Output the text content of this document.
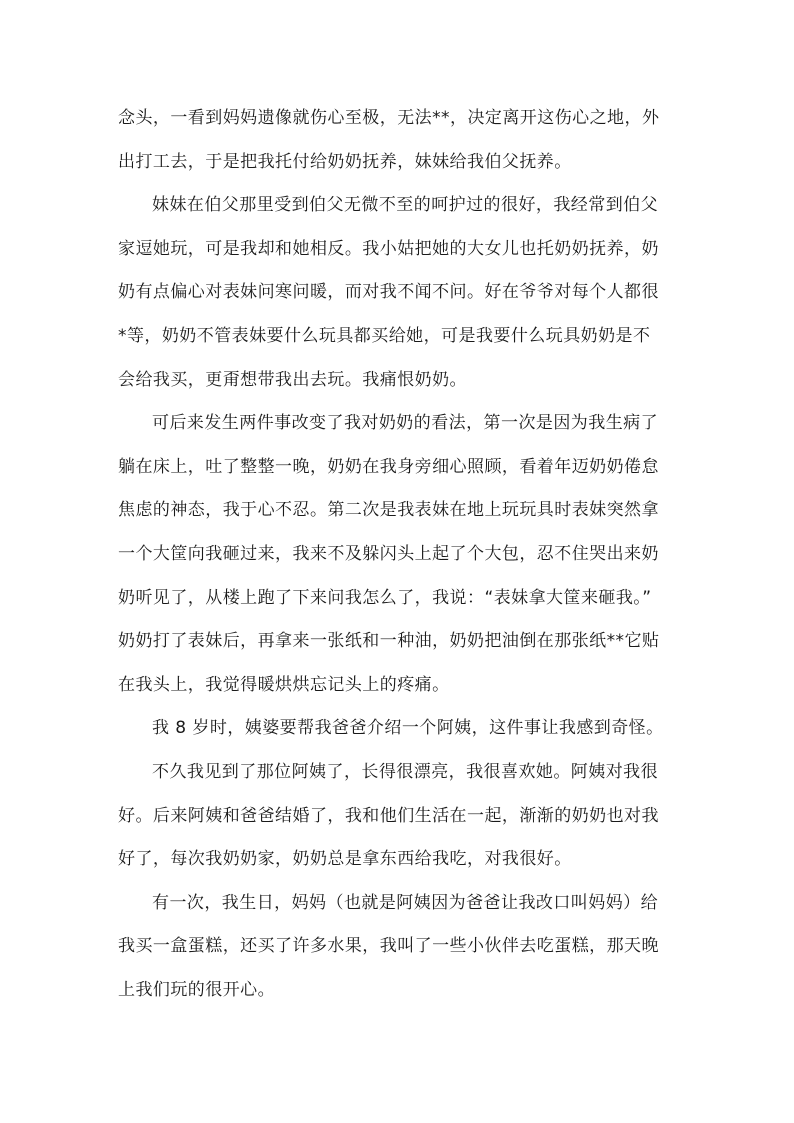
念头，一看到妈妈遗像就伤心至极，无法**，决定离开这伤心之地，外
出打工去，于是把我托付给奶奶抚养，妹妹给我伯父抚养。
妹妹在伯父那里受到伯父无微不至的呵护过的很好，我经常到伯父
家逗她玩，可是我却和她相反。我小姑把她的大女儿也托奶奶抚养，奶
奶有点偏心对表妹问寒问暖，而对我不闻不问。好在爷爷对每个人都很
*等，奶奶不管表妹要什么玩具都买给她，可是我要什么玩具奶奶是不
会给我买，更甭想带我出去玩。我痛恨奶奶。
可后来发生两件事改变了我对奶奶的看法，第一次是因为我生病了
躺在床上，吐了整整一晚，奶奶在我身旁细心照顾，看着年迈奶奶倦怠
焦虑的神态，我于心不忍。第二次是我表妹在地上玩玩具时表妹突然拿
一个大筐向我砸过来，我来不及躲闪头上起了个大包，忍不住哭出来奶
奶听见了，从楼上跑了下来问我怎么了，我说：“表妹拿大筐来砸我。”
奶奶打了表妹后，再拿来一张纸和一种油，奶奶把油倒在那张纸**它贴
在我头上，我觉得暖烘烘忘记头上的疼痛。
我 8 岁时，姨婆要帮我爸爸介绍一个阿姨，这件事让我感到奇怪。
不久我见到了那位阿姨了，长得很漂亮，我很喜欢她。阿姨对我很
好。后来阿姨和爸爸结婚了，我和他们生活在一起，渐渐的奶奶也对我
好了，每次我奶奶家，奶奶总是拿东西给我吃，对我很好。
有一次，我生日，妈妈（也就是阿姨因为爸爸让我改口叫妈妈）给
我买一盒蛋糕，还买了许多水果，我叫了一些小伙伴去吃蛋糕，那天晚
上我们玩的很开心。
